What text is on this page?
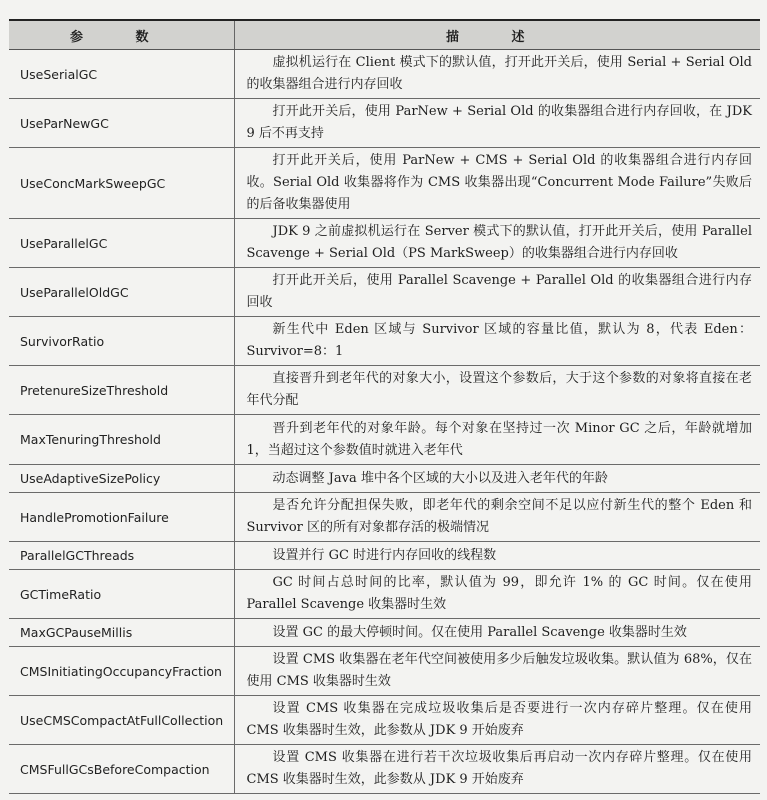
参 数	描 述
UseSerialGC	虚拟机运行在 Client 模式下的默认值，打开此开关后，使用 Serial + Serial Old 的收集器组合进行内存回收
UseParNewGC	打开此开关后，使用 ParNew + Serial Old 的收集器组合进行内存回收，在 JDK 9 后不再支持
UseConcMarkSweepGC	打开此开关后，使用 ParNew + CMS + Serial Old 的收集器组合进行内存回收。Serial Old 收集器将作为 CMS 收集器出现“Concurrent Mode Failure”失败后的后备收集器使用
UseParallelGC	JDK 9 之前虚拟机运行在 Server 模式下的默认值，打开此开关后，使用 Parallel Scavenge + Serial Old（PS MarkSweep）的收集器组合进行内存回收
UseParallelOldGC	打开此开关后，使用 Parallel Scavenge + Parallel Old 的收集器组合进行内存回收
SurvivorRatio	新生代中 Eden 区域与 Survivor 区域的容量比值，默认为 8，代表 Eden：Survivor=8：1
PretenureSizeThreshold	直接晋升到老年代的对象大小，设置这个参数后，大于这个参数的对象将直接在老年代分配
MaxTenuringThreshold	晋升到老年代的对象年龄。每个对象在坚持过一次 Minor GC 之后，年龄就增加 1，当超过这个参数值时就进入老年代
UseAdaptiveSizePolicy	动态调整 Java 堆中各个区域的大小以及进入老年代的年龄
HandlePromotionFailure	是否允许分配担保失败，即老年代的剩余空间不足以应付新生代的整个 Eden 和 Survivor 区的所有对象都存活的极端情况
ParallelGCThreads	设置并行 GC 时进行内存回收的线程数
GCTimeRatio	GC 时间占总时间的比率，默认值为 99，即允许 1% 的 GC 时间。仅在使用 Parallel Scavenge 收集器时生效
MaxGCPauseMillis	设置 GC 的最大停顿时间。仅在使用 Parallel Scavenge 收集器时生效
CMSInitiatingOccupancyFraction	设置 CMS 收集器在老年代空间被使用多少后触发垃圾收集。默认值为 68%，仅在使用 CMS 收集器时生效
UseCMSCompactAtFullCollection	设置 CMS 收集器在完成垃圾收集后是否要进行一次内存碎片整理。仅在使用 CMS 收集器时生效，此参数从 JDK 9 开始废弃
CMSFullGCsBeforeCompaction	设置 CMS 收集器在进行若干次垃圾收集后再启动一次内存碎片整理。仅在使用 CMS 收集器时生效，此参数从 JDK 9 开始废弃
